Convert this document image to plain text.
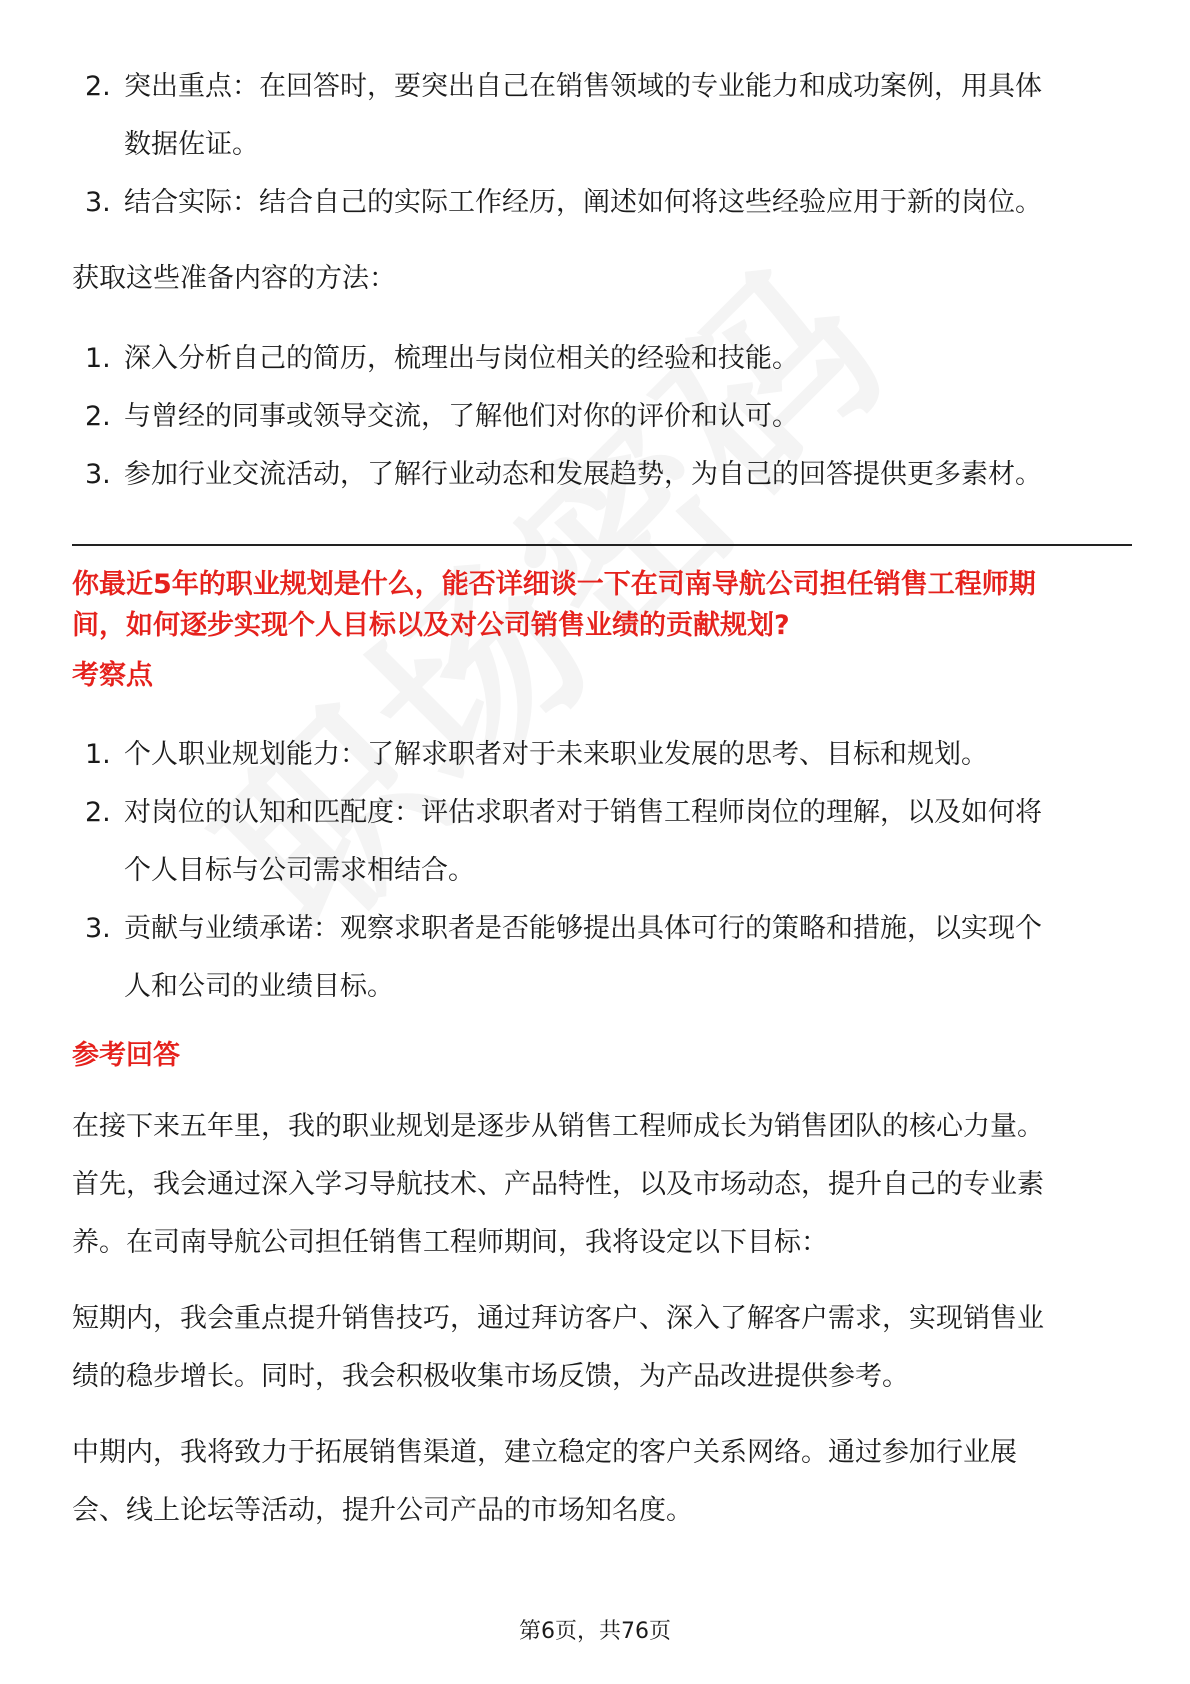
2. 突出重点：在回答时，要突出自己在销售领域的专业能力和成功案例，用具体
数据佐证。
3. 结合实际：结合自己的实际工作经历，阐述如何将这些经验应用于新的岗位。

获取这些准备内容的方法：

1. 深入分析自己的简历，梳理出与岗位相关的经验和技能。
2. 与曾经的同事或领导交流，了解他们对你的评价和认可。
3. 参加行业交流活动，了解行业动态和发展趋势，为自己的回答提供更多素材。

你最近5年的职业规划是什么，能否详细谈一下在司南导航公司担任销售工程师期
间，如何逐步实现个人目标以及对公司销售业绩的贡献规划?

考察点

1. 个人职业规划能力：了解求职者对于未来职业发展的思考、目标和规划。
2. 对岗位的认知和匹配度：评估求职者对于销售工程师岗位的理解，以及如何将
个人目标与公司需求相结合。
3. 贡献与业绩承诺：观察求职者是否能够提出具体可行的策略和措施，以实现个
人和公司的业绩目标。

参考回答

在接下来五年里，我的职业规划是逐步从销售工程师成长为销售团队的核心力量。

首先，我会通过深入学习导航技术、产品特性，以及市场动态，提升自己的专业素

养。在司南导航公司担任销售工程师期间，我将设定以下目标：

短期内，我会重点提升销售技巧，通过拜访客户、深入了解客户需求，实现销售业

绩的稳步增长。同时，我会积极收集市场反馈，为产品改进提供参考。

中期内，我将致力于拓展销售渠道，建立稳定的客户关系网络。通过参加行业展

会、线上论坛等活动，提升公司产品的市场知名度。

第6页，共76页
